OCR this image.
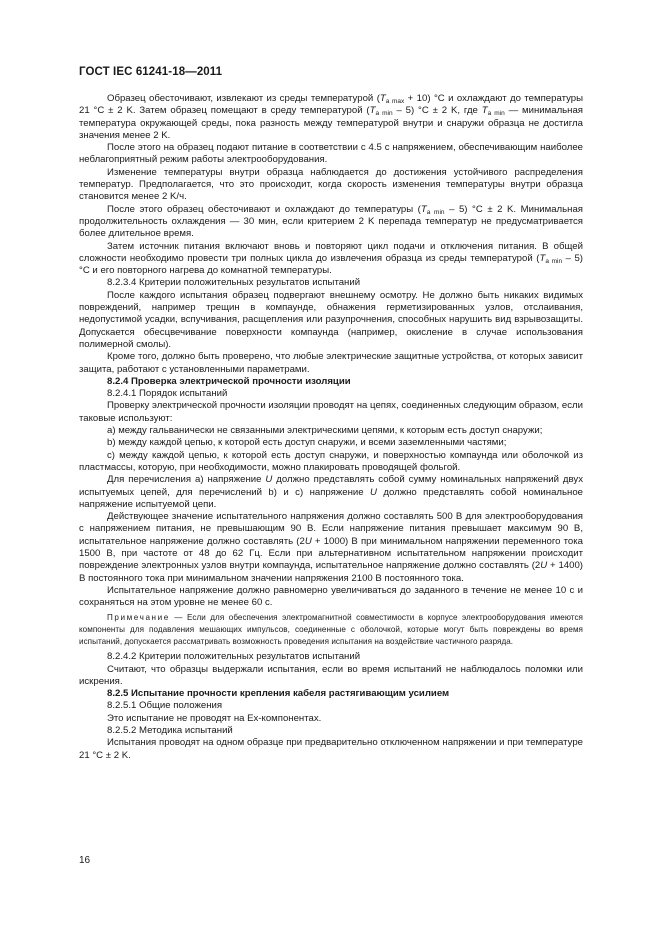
ГОСТ IEC 61241-18—2011

Образец обесточивают, извлекают из среды температурой $(T_{a max} + 10)$ °C и охлаждают до температуры 21 °C ± 2 K. Затем образец помещают в среду температурой $(T_{a min} - 5) ^\circ C \pm 2$ K, где $T_{a min}$ — минимальная температура окружающей среды, пока разность между температурой внутри и снаружи образца не достигла значения менее 2 K.

После этого на образец подают питание в соответствии с 4.5 с напряжением, обеспечивающим наиболее неблагоприятный режим работы электрооборудования.

Изменение температуры внутри образца наблюдается до достижения устойчивого распределения температур. Предполагается, что это происходит, когда скорость изменения температуры внутри образца становится менее 2 K/ч.

После этого образец обесточивают и охлаждают до температуры $(T_{a min} - 5) ^\circ C \pm 2$ K. Минимальная продолжительность охлаждения — 30 мин, если критерием 2 K перепада температур не предусматривается более длительное время.

Затем источник питания включают вновь и повторяют цикл подачи и отключения питания. В общей сложности необходимо провести три полных цикла до извлечения образца из среды температурой $(T_{a min} - 5)$ °C и его повторного нагрева до комнатной температуры.

8.2.3.4 Критерии положительных результатов испытаний

После каждого испытания образец подвергают внешнему осмотру. Не должно быть никаких видимых повреждений, например трещин в компаунде, обнажения герметизированных узлов, отслаивания, недопустимой усадки, вспучивания, расщепления или разупрочнения, способных нарушить вид взрывозащиты. Допускается обесцвечивание поверхности компаунда (например, окисление в случае использования полимерной смолы).

Кроме того, должно быть проверено, что любые электрические защитные устройства, от которых зависит защита, работают с установленными параметрами.

8.2.4 Проверка электрической прочности изоляции

8.2.4.1 Порядок испытаний

Проверку электрической прочности изоляции проводят на цепях, соединенных следующим образом, если таковые используют:

a) между гальванически не связанными электрическими цепями, к которым есть доступ снаружи;

b) между каждой цепью, к которой есть доступ снаружи, и всеми заземленными частями;

c) между каждой цепью, к которой есть доступ снаружи, и поверхностью компаунда или оболочкой из пластмассы, которую, при необходимости, можно плакировать проводящей фольгой.

Для перечисления a) напряжение U должно представлять собой сумму номинальных напряжений двух испытуемых цепей, для перечислений b) и c) напряжение U должно представлять собой номинальное напряжение испытуемой цепи.

Действующее значение испытательного напряжения должно составлять 500 В для электрооборудования с напряжением питания, не превышающим 90 В. Если напряжение питания превышает максимум 90 В, испытательное напряжение должно составлять (2U + 1000) В при минимальном напряжении переменного тока 1500 В, при частоте от 48 до 62 Гц. Если при альтернативном испытательном напряжении происходит повреждение электронных узлов внутри компаунда, испытательное напряжение должно составлять (2U + 1400) В постоянного тока при минимальном значении напряжения 2100 В постоянного тока.

Испытательное напряжение должно равномерно увеличиваться до заданного в течение не менее 10 с и сохраняться на этом уровне не менее 60 с.

Примечание — Если для обеспечения электромагнитной совместимости в корпусе электрооборудования имеются компоненты для подавления мешающих импульсов, соединенные с оболочкой, которые могут быть повреждены во время испытаний, допускается рассматривать возможность проведения испытания на воздействие частичного разряда.

8.2.4.2 Критерии положительных результатов испытаний

Считают, что образцы выдержали испытания, если во время испытаний не наблюдалось поломки или искрения.

8.2.5 Испытание прочности крепления кабеля растягивающим усилием

8.2.5.1 Общие положения

Это испытание не проводят на Ex-компонентах.

8.2.5.2 Методика испытаний

Испытания проводят на одном образце при предварительно отключенном напряжении и при температуре 21 °C ± 2 K.

16
